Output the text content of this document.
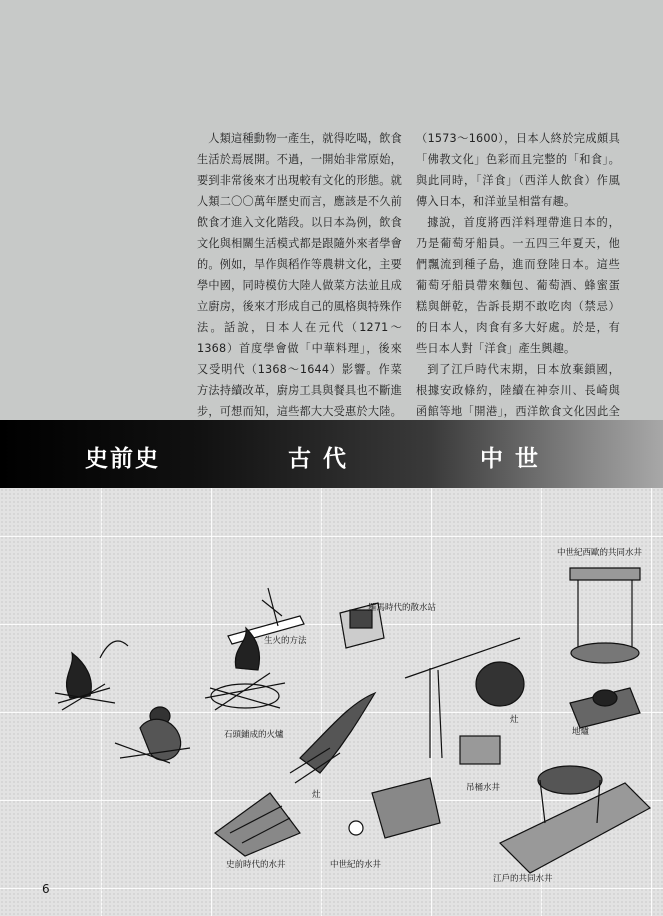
人類這種動物一產生，就得吃喝，飲食生活於焉展開。不過，一開始非常原始，要到非常後來才出現較有文化的形態。就人類二〇〇萬年歷史而言，應該是不久前飲食才進入文化階段。以日本為例，飲食文化與相關生活模式都是跟隨外來者學會的。例如，旱作與稻作等農耕文化，主要學中國，同時模仿大陸人做菜方法並且成立廚房，後來才形成自己的風格與特殊作法。話說，日本人在元代（1271～1368）首度學會做「中華料理」，後來又受明代（1368～1644）影響。作菜方法持續改革，廚房工具與餐具也不斷進步，可想而知，這些都大大受惠於大陸。

（1573～1600），日本人終於完成頗具「佛教文化」色彩而且完整的「和食」。與此同時，「洋食」（西洋人飲食）作風傳入日本，和洋並呈相當有趣。

據說，首度將西洋料理帶進日本的，乃是葡萄牙船員。一五四三年夏天，他們飄流到種子島，進而登陸日本。這些葡萄牙船員帶來麵包、葡萄酒、蜂蜜蛋糕與餅乾，告訴長期不敢吃肉（禁忌）的日本人，肉食有多大好處。於是，有些日本人對「洋食」產生興趣。

到了江戶時代末期，日本放棄鎖國，根據安政條約，陸續在神奈川、長崎與函館等地「開港」，西洋飲食文化因此全

史前史	古 代	中 世
生火的方法
石頭鋪成的火爐
羅馬時代的散水站
灶
灶
吊桶水井
中世紀西歐的共同水井
地爐
史前時代的水井	中世紀的水井
江戶的共同水井
6
